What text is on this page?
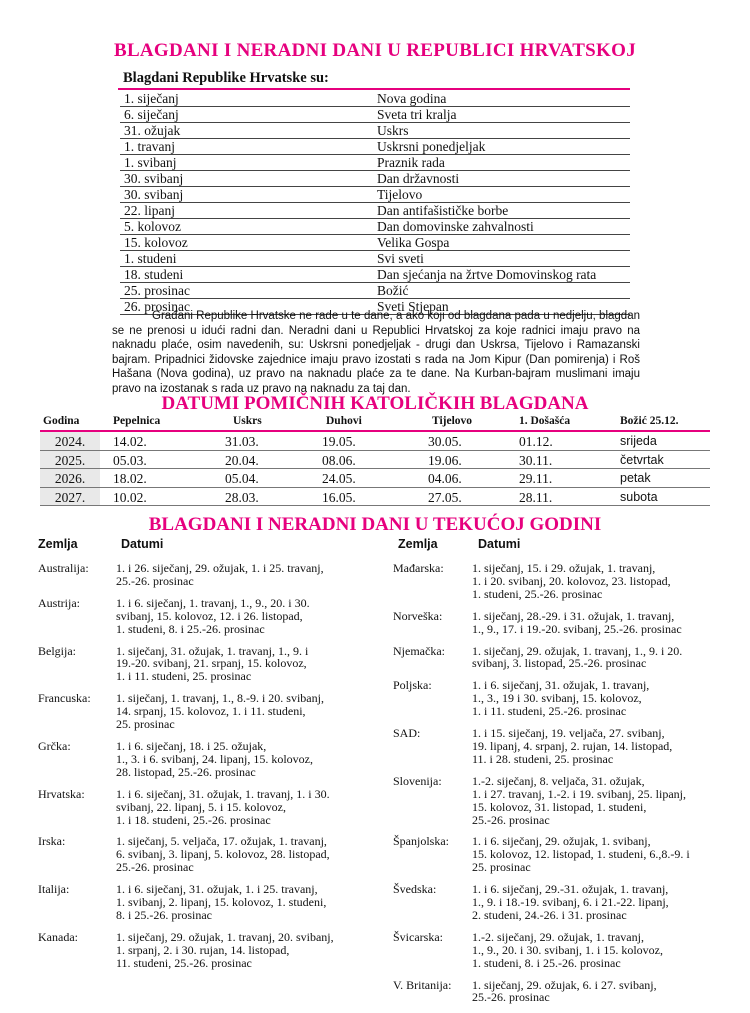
BLAGDANI I NERADNI DANI U REPUBLICI HRVATSKOJ
Blagdani Republike Hrvatske su:
1. siječanj	Nova godina
6. siječanj	Sveta tri kralja
31. ožujak	Uskrs
1. travanj	Uskrsni ponedjeljak
1. svibanj	Praznik rada
30. svibanj	Dan državnosti
30. svibanj	Tijelovo
22. lipanj	Dan antifašističke borbe
5. kolovoz	Dan domovinske zahvalnosti
15. kolovoz	Velika Gospa
1. studeni	Svi sveti
18. studeni	Dan sjećanja na žrtve Domovinskog rata
25. prosinac	Božić
26. prosinac	Sveti Stjepan

Građani Republike Hrvatske ne rade u te dane, a ako koji od blagdana pada u nedjelju, blagdan se ne prenosi u idući radni dan. Neradni dani u Republici Hrvatskoj za koje radnici imaju pravo na naknadu plaće, osim navedenih, su: Uskrsni ponedjeljak - drugi dan Uskrsa, Tijelovo i Ramazanski bajram. Pripadnici židovske zajednice imaju pravo izostati s rada na Jom Kipur (Dan pomirenja) i Roš Hašana (Nova godina), uz pravo na naknadu plaće za te dane. Na Kurban-bajram muslimani imaju pravo na izostanak s rada uz pravo na naknadu za taj dan.

DATUMI POMIČNIH KATOLIČKIH BLAGDANA
Godina	Pepelnica	Uskrs	Duhovi	Tijelovo	1. Došašća	Božić 25.12.
2024.	14.02.	31.03.	19.05.	30.05.	01.12.	srijeda
2025.	05.03.	20.04.	08.06.	19.06.	30.11.	četvrtak
2026.	18.02.	05.04.	24.05.	04.06.	29.11.	petak
2027.	10.02.	28.03.	16.05.	27.05.	28.11.	subota
BLAGDANI I NERADNI DANI U TEKUĆOJ GODINI
Zemlja	Datumi	Zemlja	Datumi
Australija: 1. i 26. siječanj, 29. ožujak, 1. i 25. travanj,
25.-26. prosinac
Austrija:	1. i 6. siječanj, 1. travanj, 1., 9., 20. i 30.
svibanj, 15. kolovoz, 12. i 26. listopad,
1. studeni, 8. i 25.-26. prosinac
Belgija:	1. siječanj, 31. ožujak, 1. travanj, 1., 9. i
19.-20. svibanj, 21. srpanj, 15. kolovoz,
1. i 11. studeni, 25. prosinac
Francuska: 1. siječanj, 1. travanj, 1., 8.-9. i 20. svibanj,
14. srpanj, 15. kolovoz, 1. i 11. studeni,
25. prosinac
Grčka:	1. i 6. siječanj, 18. i 25. ožujak,
1., 3. i 6. svibanj, 24. lipanj, 15. kolovoz,
28. listopad, 25.-26. prosinac
Hrvatska:	1. i 6. siječanj, 31. ožujak, 1. travanj, 1. i 30.
svibanj, 22. lipanj, 5. i 15. kolovoz,
1. i 18. studeni, 25.-26. prosinac
Irska:	1. siječanj, 5. veljača, 17. ožujak, 1. travanj,
6. svibanj, 3. lipanj, 5. kolovoz, 28. listopad,
25.-26. prosinac
Italija:	1. i 6. siječanj, 31. ožujak, 1. i 25. travanj,
1. svibanj, 2. lipanj, 15. kolovoz, 1. studeni,
8. i 25.-26. prosinac
Kanada:	1. siječanj, 29. ožujak, 1. travanj, 20. svibanj,
1. srpanj, 2. i 30. rujan, 14. listopad,
11. studeni, 25.-26. prosinac
Mađarska: 1. siječanj, 15. i 29. ožujak, 1. travanj,
1. i 20. svibanj, 20. kolovoz, 23. listopad,
1. studeni, 25.-26. prosinac
Norveška: 1. siječanj, 28.-29. i 31. ožujak, 1. travanj,
1., 9., 17. i 19.-20. svibanj, 25.-26. prosinac
Njemačka: 1. siječanj, 29. ožujak, 1. travanj, 1., 9. i 20.
svibanj, 3. listopad, 25.-26. prosinac
Poljska:	1. i 6. siječanj, 31. ožujak, 1. travanj,
1., 3., 19 i 30. svibanj, 15. kolovoz,
1. i 11. studeni, 25.-26. prosinac
SAD:	1. i 15. siječanj, 19. veljača, 27. svibanj,
19. lipanj, 4. srpanj, 2. rujan, 14. listopad,
11. i 28. studeni, 25. prosinac
Slovenija:	1.-2. siječanj, 8. veljača, 31. ožujak,
1. i 27. travanj, 1.-2. i 19. svibanj, 25. lipanj,
15. kolovoz, 31. listopad, 1. studeni,
25.-26. prosinac
Španjolska: 1. i 6. siječanj, 29. ožujak, 1. svibanj,
15. kolovoz, 12. listopad, 1. studeni, 6.,8.-9. i
25. prosinac
Švedska:	1. i 6. siječanj, 29.-31. ožujak, 1. travanj,
1., 9. i 18.-19. svibanj, 6. i 21.-22. lipanj,
2. studeni, 24.-26. i 31. prosinac
Švicarska: 1.-2. siječanj, 29. ožujak, 1. travanj,
1., 9., 20. i 30. svibanj, 1. i 15. kolovoz,
1. studeni, 8. i 25.-26. prosinac
V. Britanija: 1. siječanj, 29. ožujak, 6. i 27. svibanj,
25.-26. prosinac
